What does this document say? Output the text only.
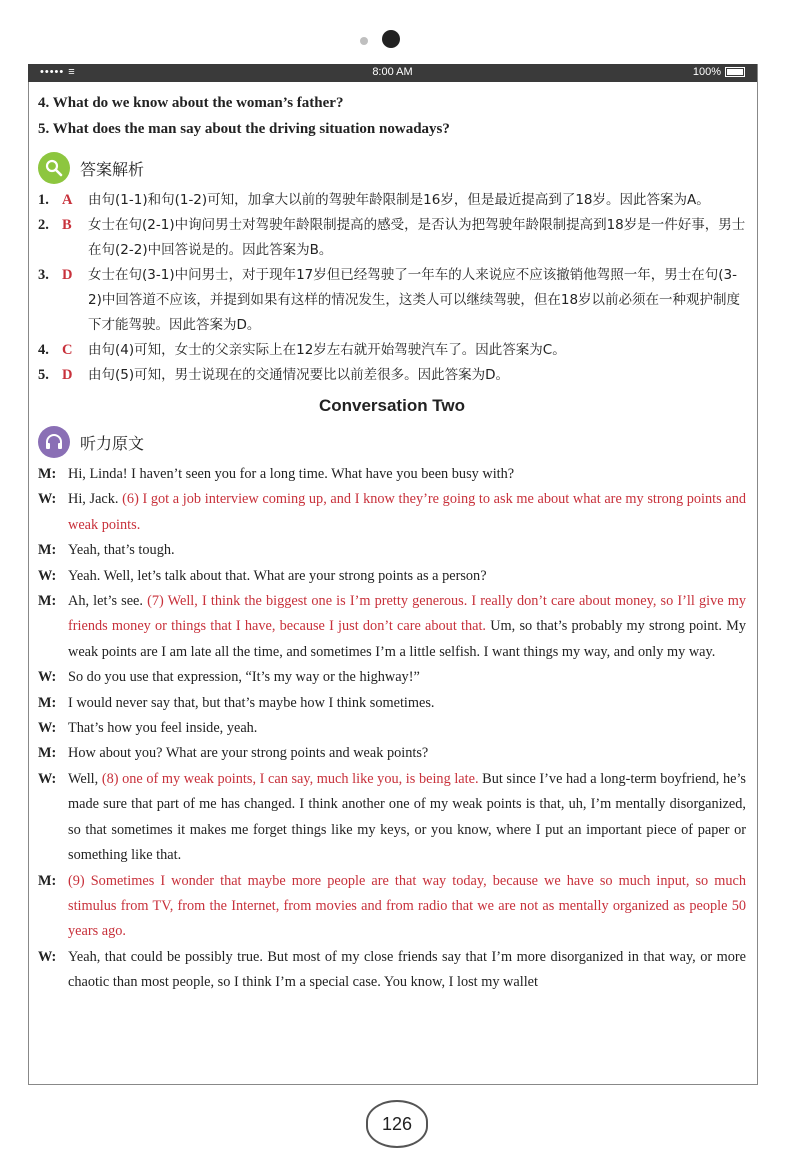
••••• ≡	8:00 AM	100%
4. What do we know about the woman’s father?
5. What does the man say about the driving situation nowadays?
答案解析
1. A	由句(1-1)和句(1-2)可知，加拿大以前的驾驶年龄限制是16岁，但是最近提高到了18岁。因此答案为A。
2. B	女士在句(2-1)中询问男士对驾驶年龄限制提高的感受，是否认为把驾驶年龄限制提高到18岁是一件好事，男士在句(2-2)中回答说是的。因此答案为B。
3. D	女士在句(3-1)中问男士，对于现年17岁但已经驾驶了一年车的人来说应不应该撤销他驾照一年，男士在句(3-2)中回答道不应该，并提到如果有这样的情况发生，这类人可以继续驾驶，但在18岁以前必须在一种观护制度下才能驾驶。因此答案为D。
4. C	由句(4)可知，女士的父亲实际上在12岁左右就开始驾驶汽车了。因此答案为C。
5. D	由句(5)可知，男士说现在的交通情况要比以前差很多。因此答案为D。
Conversation Two
听力原文
M: Hi, Linda! I haven’t seen you for a long time. What have you been busy with?
W: Hi, Jack. (6) I got a job interview coming up, and I know they’re going to ask me about what are my strong points and weak points.
M: Yeah, that’s tough.
W: Yeah. Well, let’s talk about that. What are your strong points as a person?
M: Ah, let’s see. (7) Well, I think the biggest one is I’m pretty generous. I really don’t care about money, so I’ll give my friends money or things that I have, because I just don’t care about that. Um, so that’s probably my strong point. My weak points are I am late all the time, and sometimes I’m a little selfish. I want things my way, and only my way.
W: So do you use that expression, “It’s my way or the highway!”
M: I would never say that, but that’s maybe how I think sometimes.
W: That’s how you feel inside, yeah.
M: How about you? What are your strong points and weak points?
W: Well, (8) one of my weak points, I can say, much like you, is being late. But since I’ve had a long-term boyfriend, he’s made sure that part of me has changed. I think another one of my weak points is that, uh, I’m mentally disorganized, so that sometimes it makes me forget things like my keys, or you know, where I put an important piece of paper or something like that.
M: (9) Sometimes I wonder that maybe more people are that way today, because we have so much input, so much stimulus from TV, from the Internet, from movies and from radio that we are not as mentally organized as people 50 years ago.
W: Yeah, that could be possibly true. But most of my close friends say that I’m more disorganized in that way, or more chaotic than most people, so I think I’m a special case. You know, I lost my wallet
126
